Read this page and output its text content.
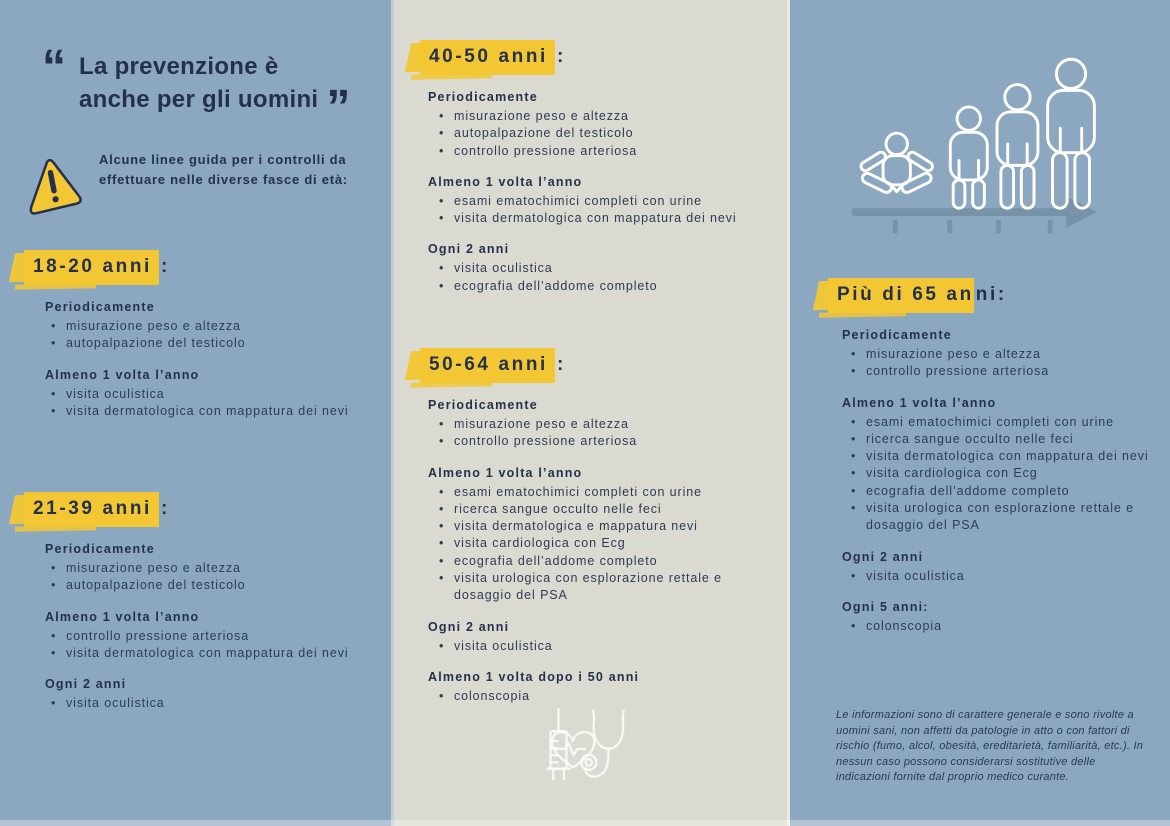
“ La prevenzione è
anche per gli uomini ”
Alcune linee guida per i controlli da effettuare nelle diverse fasce di età:
18-20 anni :
Periodicamente
• misurazione peso e altezza
• autopalpazione del testicolo
Almeno 1 volta l’anno
• visita oculistica
• visita dermatologica con mappatura dei nevi
21-39 anni :
Periodicamente
• misurazione peso e altezza
• autopalpazione del testicolo
Almeno 1 volta l’anno
• controllo pressione arteriosa
• visita dermatologica con mappatura dei nevi
Ogni 2 anni
• visita oculistica
40-50 anni :
Periodicamente
• misurazione peso e altezza
• autopalpazione del testicolo
• controllo pressione arteriosa
Almeno 1 volta l’anno
• esami ematochimici completi con urine
• visita dermatologica con mappatura dei nevi
Ogni 2 anni
• visita oculistica
• ecografia dell’addome completo
50-64 anni :
Periodicamente
• misurazione peso e altezza
• controllo pressione arteriosa
Almeno 1 volta l’anno
• esami ematochimici completi con urine
• ricerca sangue occulto nelle feci
• visita dermatologica e mappatura nevi
• visita cardiologica con Ecg
• ecografia dell’addome completo
• visita urologica con esplorazione rettale e dosaggio del PSA
Ogni 2 anni
• visita oculistica
Almeno 1 volta dopo i 50 anni
• colonscopia
Più di 65 an ni:
Periodicamente
• misurazione peso e altezza
• controllo pressione arteriosa
Almeno 1 volta l’anno
• esami ematochimici completi con urine
• ricerca sangue occulto nelle feci
• visita dermatologica con mappatura dei nevi
• visita cardiologica con Ecg
• ecografia dell’addome completo
• visita urologica con esplorazione rettale e dosaggio del PSA
Ogni 2 anni
• visita oculistica
Ogni 5 anni:
• colonscopia
Le informazioni sono di carattere generale e sono rivolte a uomini sani, non affetti da patologie in atto o con fattori di rischio (fumo, alcol, obesità, ereditarietà, familiarità, etc.). In nessun caso possono considerarsi sostitutive delle indicazioni fornite dal proprio medico curante.
